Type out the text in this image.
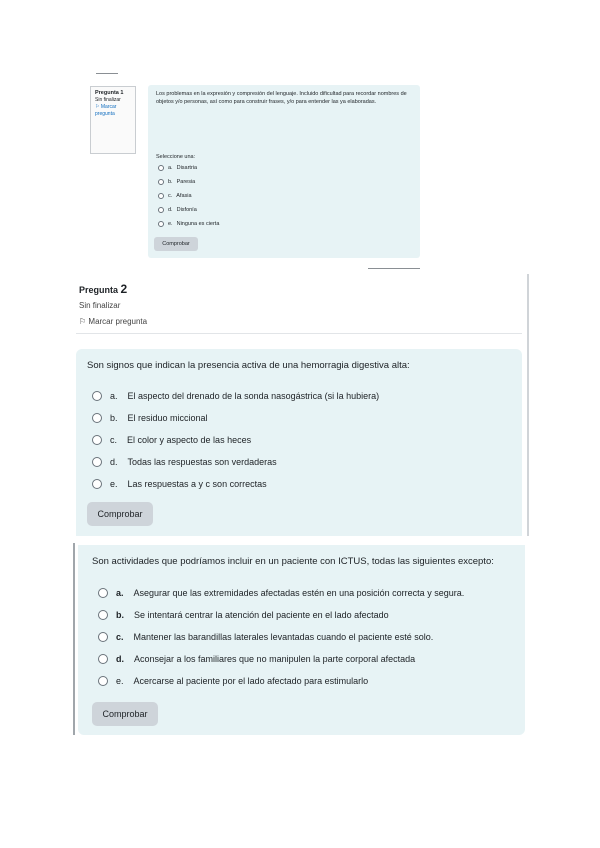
Pregunta 1
Sin finalizar
⚐ Marcar pregunta
Los problemas en la expresión y compresión del lenguaje. Incluido dificultad para recordar nombres de objetos y/o personas, así como para construir frases, y/o para entender las ya elaboradas.
Seleccione una:
a. Disartria
b. Paresia
c. Afasia
d. Disfonía
e. Ninguna es cierta
Comprobar
Pregunta 2
Sin finalizar
⚐ Marcar pregunta
Son signos que indican la presencia activa de una hemorragia digestiva alta:
a. El aspecto del drenado de la sonda nasogástrica (si la hubiera)
b. El residuo miccional
c. El color y aspecto de las heces
d. Todas las respuestas son verdaderas
e. Las respuestas a y c son correctas
Comprobar
Son actividades que podríamos incluir en un paciente con ICTUS, todas las siguientes excepto:
a. Asegurar que las extremidades afectadas estén en una posición correcta y segura.
b. Se intentará centrar la atención del paciente en el lado afectado
c. Mantener las barandillas laterales levantadas cuando el paciente esté solo.
d. Aconsejar a los familiares que no manipulen la parte corporal afectada
e. Acercarse al paciente por el lado afectado para estimularlo
Comprobar
